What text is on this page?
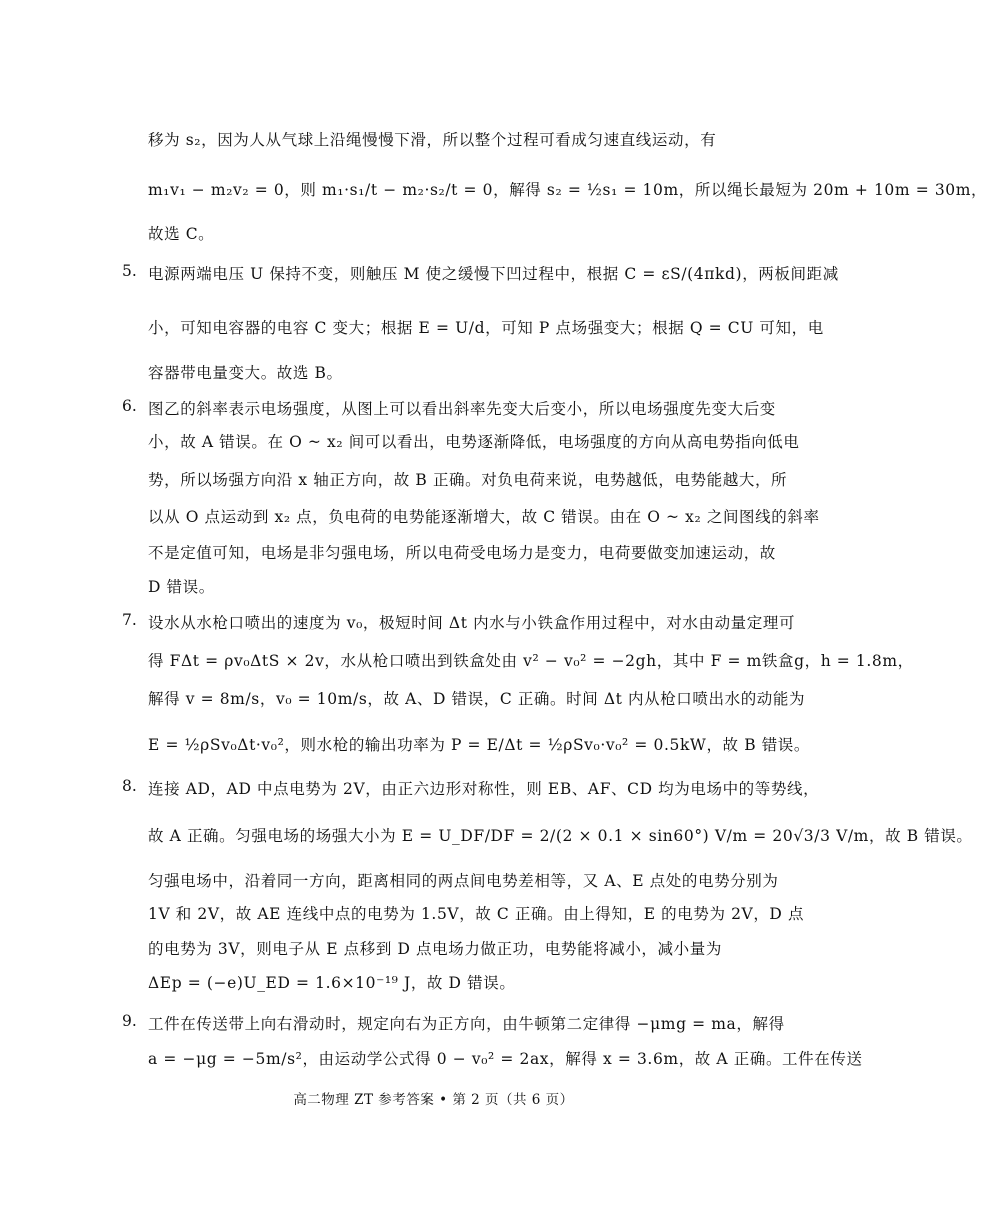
移为 s₂，因为人从气球上沿绳慢慢下滑，所以整个过程可看成匀速直线运动，有
m₁v₁ − m₂v₂ = 0，则 m₁·s₁/t − m₂·s₂/t = 0，解得 s₂ = ½s₁ = 10m，所以绳长最短为 20m + 10m = 30m，
故选 C。
5. 电源两端电压 U 保持不变，则触压 M 使之缓慢下凹过程中，根据 C = εS/(4πkd)，两板间距减
小，可知电容器的电容 C 变大；根据 E = U/d，可知 P 点场强变大；根据 Q = CU 可知，电
容器带电量变大。故选 B。
6. 图乙的斜率表示电场强度，从图上可以看出斜率先变大后变小，所以电场强度先变大后变
小，故 A 错误。在 O ~ x₂ 间可以看出，电势逐渐降低，电场强度的方向从高电势指向低电
势，所以场强方向沿 x 轴正方向，故 B 正确。对负电荷来说，电势越低，电势能越大，所
以从 O 点运动到 x₂ 点，负电荷的电势能逐渐增大，故 C 错误。由在 O ~ x₂ 之间图线的斜率
不是定值可知，电场是非匀强电场，所以电荷受电场力是变力，电荷要做变加速运动，故
D 错误。
7. 设水从水枪口喷出的速度为 v₀，极短时间 Δt 内水与小铁盒作用过程中，对水由动量定理可
得 FΔt = ρv₀ΔtS × 2v，水从枪口喷出到铁盒处由 v² − v₀² = −2gh，其中 F = m铁盒g，h = 1.8m，
解得 v = 8m/s，v₀ = 10m/s，故 A、D 错误，C 正确。时间 Δt 内从枪口喷出水的动能为
E = ½ρSv₀Δt·v₀²，则水枪的输出功率为 P = E/Δt = ½ρSv₀·v₀² = 0.5kW，故 B 错误。
8. 连接 AD，AD 中点电势为 2V，由正六边形对称性，则 EB、AF、CD 均为电场中的等势线，
故 A 正确。匀强电场的场强大小为 E = U_DF/DF = 2/(2 × 0.1 × sin60°) V/m = 20√3/3 V/m，故 B 错误。
匀强电场中，沿着同一方向，距离相同的两点间电势差相等，又 A、E 点处的电势分别为
1V 和 2V，故 AE 连线中点的电势为 1.5V，故 C 正确。由上得知，E 的电势为 2V，D 点
的电势为 3V，则电子从 E 点移到 D 点电场力做正功，电势能将减小，减小量为
ΔEp = (−e)U_ED = 1.6×10⁻¹⁹ J，故 D 错误。
9. 工件在传送带上向右滑动时，规定向右为正方向，由牛顿第二定律得 −μmg = ma，解得
a = −μg = −5m/s²，由运动学公式得 0 − v₀² = 2ax，解得 x = 3.6m，故 A 正确。工件在传送
高二物理 ZT 参考答案 • 第 2 页（共 6 页）
